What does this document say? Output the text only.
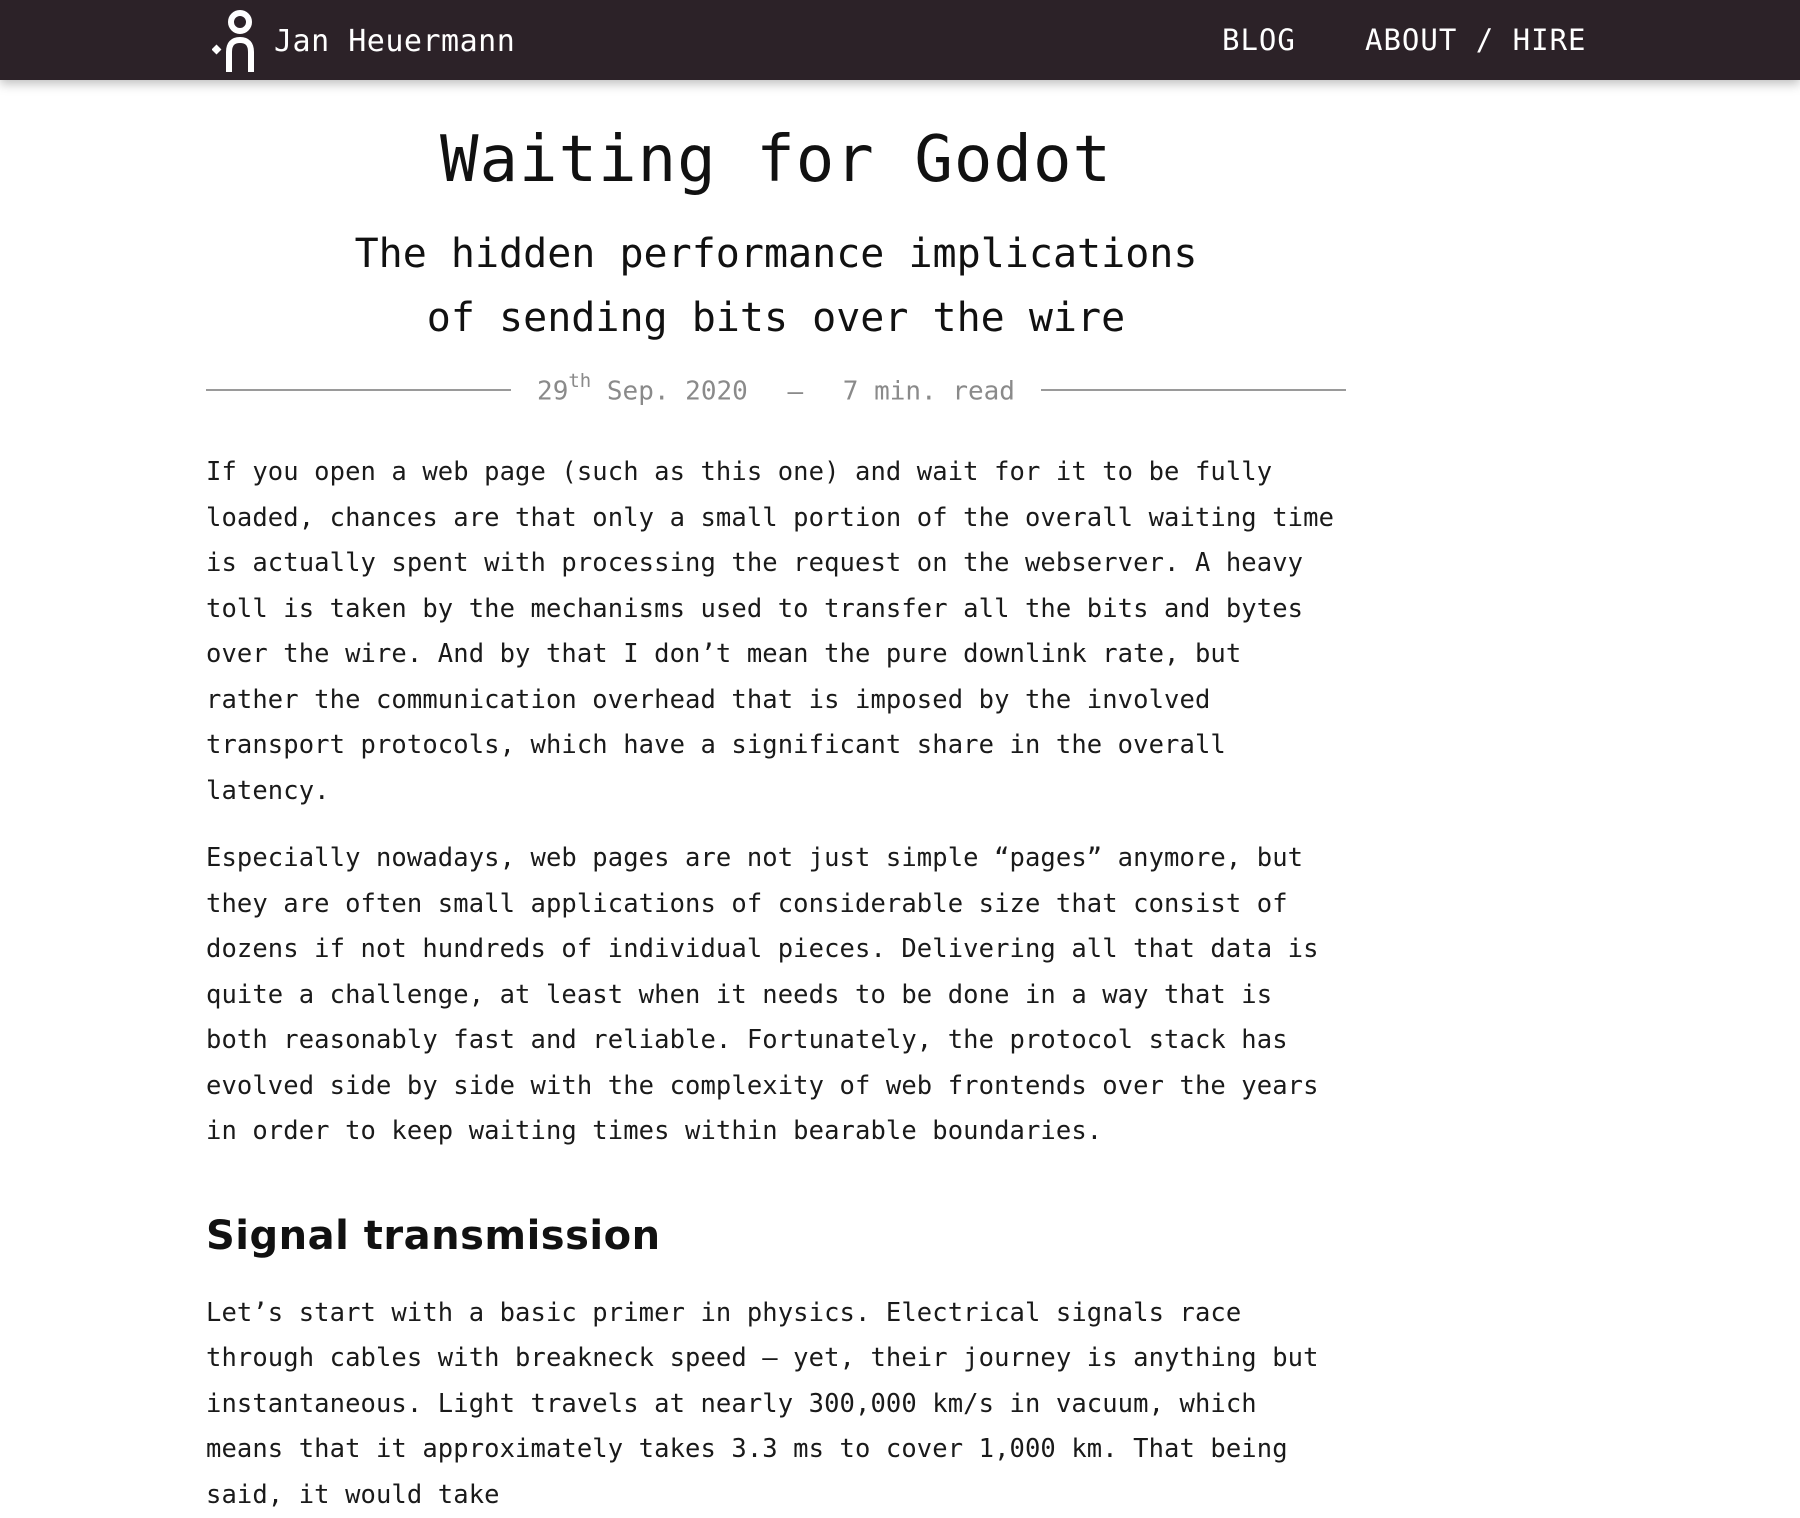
Jan Heuermann	BLOG ABOUT / HIRE
Waiting for Godot
The hidden performance implications of sending bits over the wire
29th Sep. 2020 – 7 min. read

If you open a web page (such as this one) and wait for it to be fully loaded, chances are that only a small portion of the overall waiting time is actually spent with processing the request on the webserver. A heavy toll is taken by the mechanisms used to transfer all the bits and bytes over the wire. And by that I don’t mean the pure downlink rate, but rather the communication overhead that is imposed by the involved transport protocols, which have a significant share in the overall latency.

Especially nowadays, web pages are not just simple “pages” anymore, but they are often small applications of considerable size that consist of dozens if not hundreds of individual pieces. Delivering all that data is quite a challenge, at least when it needs to be done in a way that is both reasonably fast and reliable. Fortunately, the protocol stack has evolved side by side with the complexity of web frontends over the years in order to keep waiting times within bearable boundaries.

Signal transmission

Let’s start with a basic primer in physics. Electrical signals race through cables with breakneck speed – yet, their journey is anything but instantaneous. Light travels at nearly 300,000 km/s in vacuum, which means that it approximately takes 3.3 ms to cover 1,000 km. That being said, it would take
